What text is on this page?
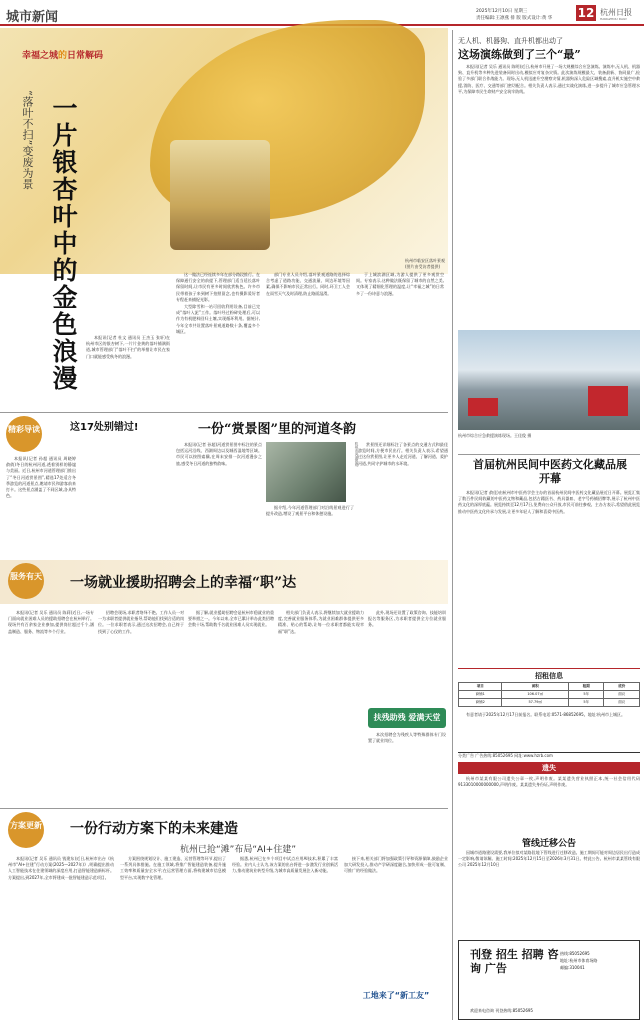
城市新闻	2025年12月10日 星期三
责任编辑:王凛燕 排 版 版式设计:黄 华 12 杭州日报
HANGZHOU DAILY
幸福之城的日常解码
“落叶不扫”变废为景 一片银杏叶中的金色浪漫	杭州市临安区落叶景观(图片由受访者提供)

本报讯(记者 杜文 通讯员 王杰玉 张轩)在杭州市区的银杏树下,一片片金黄的落叶铺满街道,城市管理部门“落叶不扫”的举措让市民在家门口就能感受秋冬的浪漫。

这一做法已经连续多年在部分路段推行。在保障通行安全的前提下,管理部门适当延长落叶保留时间,让市民有更多时间欣赏秋色。许多市民带着孩子来到树下拍照留念,也有摄影爱好者专程赶来捕捉光影。

大型除雪和一站可回收利用设备,目前已完成“落叶入泥”工作。落叶经过粉碎处理后,可以作为有机肥料回归土壤,实现循环利用。据统计,今年全市共设置落叶景观道路数十条,覆盖多个城区。

部门专业人员介绍,落叶景观道路的选择综合考虑了道路功能、交通流量、周边环境等因素,确保不影响市民正常出行。同时,环卫工人会在雨雪天气及时清理,防止路面湿滑。

于上城滨湖区域,为游人提供了更多观赏空间。专家表示,这种做法既保留了城市的自然之美,又体现了精细化管理的温度,让“幸福之城”的日常多了一份诗意与浪漫。

无人机、机器狗、直升机都出动了
这场演练做到了三个“最”

本报讯(记者 吴乐 通讯员 陈明)近日,杭州市开展了一场大规模综合应急演练。演练中,无人机、机器狗、直升机等多种先进装备同时出动,模拟应对复杂灾情。此次演练规模最大、装备最新、协同最广,检验了多部门联合作战能力。现场,无人机迅速升空勘察灾情,机器狗深入危险区域搜索,直升机实施空中救援,消防、医疗、交通等部门密切配合。相关负责人表示,通过实战化演练,进一步提升了城市应急管理水平,为保障市民生命财产安全筑牢防线。

杭州市综合应急救援演练现场。王佳俊 摄
精彩导读	这17处别错过!

本报讯(记者 孙超 通讯员 周晓婷 俞倩)冬日的杭州河道,透着别样的静谧与美丽。近日,杭州市河道管理部门推出了“冬日河道赏景图”,精选17处适合冬季游览的河道景点,邀请市民和游客前来打卡。这些景点涵盖了不同区域,各具特色。

一份“赏景图”里的河道冬韵

本报讯(记者 孙超)河道赏景图中标注的景点包括运河沿线、西湖周边以及城西湿地等区域。市民可以按图索骥,在周末安排一次河道漫步之旅,感受冬日河道的独特韵味。	杭州市河道景观

据介绍,今年河道管理部门对沿线景观进行了提升改造,增设了观景平台和休憩设施。

赏景图还详细标注了各景点的交通方式和最佳游览时间,方便市民出行。相关负责人表示,希望通过这份赏景图,让更多人走近河道、了解河道、爱护河道,共同守护城市的水环境。	首届杭州民间中医药文化藏品展开幕

本报讯(记者 俞佳)由杭州市中医药学会主办的首届杭州民间中医药文化藏品展近日开幕。展览汇集了数百件民间收藏的中医药文物和藏品,包括古籍医书、药具器皿、老字号药铺招牌等,展示了杭州中医药文化的深厚底蕴。展览持续至12月17日,免费向公众开放,市民可前往参观。主办方表示,希望借此展览推动中医药文化传承与发展,让更多年轻人了解和喜爱中医药。

服务有天 一场就业援助招聘会上的幸福“职”达

本报讯(记者 吴乐 通讯员 陈莉)近日,一场专门面向就业困难人员的援助招聘会在杭州举行。现场共有百余家企业参加,提供岗位超过千个,涵盖制造、服务、物流等多个行业。

招聘会现场,求职者络绎不绝。工作人员一对一为求职者提供就业指导,帮助他们找到合适的岗位。一位求职者表示,通过这次招聘会,自己终于找到了心仪的工作。

据了解,就业援助招聘会是杭州市稳就业的重要举措之一。今年以来,全市已累计举办此类招聘会数十场,帮助数千名就业困难人员实现就业。

相关部门负责人表示,将继续加大就业援助力度,完善就业服务体系,为就业困难群体提供更多精准、贴心的帮助,让每一位求职者都能实现幸福“职”达。

此外,现场还设置了政策咨询、技能培训报名等服务区,为求职者提供全方位就业服务。

扶残助残 爱满天堂

本次招聘会为残疾人等特殊群体专门设置了就业岗位。

招租信息
项目	面积	租期	底价
商铺1	106.07㎡	5年	面议
商铺2	57.79㎡	5年	面议

有意者请于2025年12月17日前报名。联系电话:0571-86852695。地址:杭州市上城区。

分类广告 广告热线:85052695 网址:www.hzrb.com
遗失

杭州市某某有限公司遗失公章一枚,声明作废。某某遗失营业执照正本,统一社会信用代码9133010000000000,声明作废。某某遗失身份证,声明作废。

方案更新 一份行动方案下的未来建造
杭州已抢“滩”布局“AI+住建”

本报讯(记者 吴乐 通讯员 钱建东)近日,杭州市出台《杭州市“AI+住建”行动方案(2025—2027年)》,明确提出推动人工智能技术在住建领域的深度应用,打造智能建造新标杆。方案提出,到2027年,全市将建成一批智能建造示范项目。

方案围绕规划设计、施工建造、运营管理等环节,提出了一系列具体措施。在施工领域,将推广智能建造装备,提升施工效率和质量安全水平;在运营管理方面,将构建城市信息模型平台,实现数字化管理。

据悉,杭州已在多个项目中试点应用AI技术,积累了丰富经验。业内人士认为,该方案的出台将进一步激发行业创新活力,推动建筑业转型升级,为城市高质量发展注入新动能。

接下来,相关部门将加强政策引导和资源保障,鼓励企业加大研发投入,推动产学研深度融合,加快形成一批可复制、可推广的经验做法。

工地来了“新工友”
管线迁移公告

因城市道路建设需要,我单位拟对某路段地下管线进行迁移改造。施工期间可能对周边居民出行造成一定影响,敬请谅解。施工时间:2025年12月15日至2026年3月31日。特此公告。杭州市某某管线有限公司 2025年12月10日

刊登 招生 招聘 咨询 广告
热线:85052695
地址:杭州市体育场路
邮编:310041
欢迎来电咨询 刊登热线:85052695
